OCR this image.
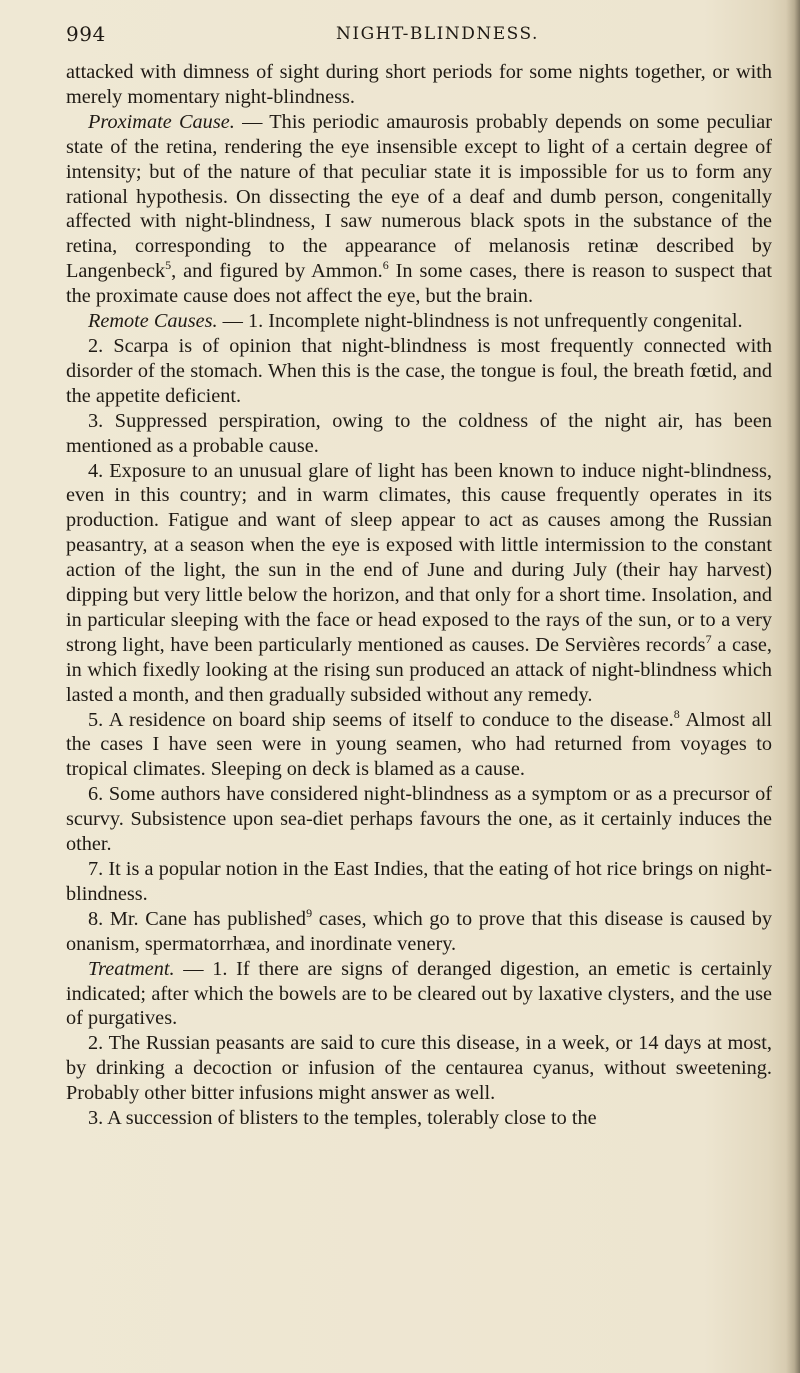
994	NIGHT-BLINDNESS.

attacked with dimness of sight during short periods for some nights together, or with merely momentary night-blindness.

Proximate Cause. — This periodic amaurosis probably depends on some peculiar state of the retina, rendering the eye insensible except to light of a certain degree of intensity; but of the nature of that peculiar state it is impossible for us to form any rational hypothesis. On dissecting the eye of a deaf and dumb person, congenitally affected with night-blindness, I saw numerous black spots in the substance of the retina, corresponding to the appearance of melanosis retinæ described by Langenbeck$^5$, and figured by Ammon.$^6$ In some cases, there is reason to suspect that the proximate cause does not affect the eye, but the brain.

Remote Causes. — 1. Incomplete night-blindness is not unfrequently congenital.

2. Scarpa is of opinion that night-blindness is most frequently connected with disorder of the stomach. When this is the case, the tongue is foul, the breath fœtid, and the appetite deficient.

3. Suppressed perspiration, owing to the coldness of the night air, has been mentioned as a probable cause.

4. Exposure to an unusual glare of light has been known to induce night-blindness, even in this country; and in warm climates, this cause frequently operates in its production. Fatigue and want of sleep appear to act as causes among the Russian peasantry, at a season when the eye is exposed with little intermission to the constant action of the light, the sun in the end of June and during July (their hay harvest) dipping but very little below the horizon, and that only for a short time. Insolation, and in particular sleeping with the face or head exposed to the rays of the sun, or to a very strong light, have been particularly mentioned as causes. De Servières records$^7$ a case, in which fixedly looking at the rising sun produced an attack of night-blindness which lasted a month, and then gradually subsided without any remedy.

5. A residence on board ship seems of itself to conduce to the disease.$^8$ Almost all the cases I have seen were in young seamen, who had returned from voyages to tropical climates. Sleeping on deck is blamed as a cause.

6. Some authors have considered night-blindness as a symptom or as a precursor of scurvy. Subsistence upon sea-diet perhaps favours the one, as it certainly induces the other.

7. It is a popular notion in the East Indies, that the eating of hot rice brings on night-blindness.

8. Mr. Cane has published$^9$ cases, which go to prove that this disease is caused by onanism, spermatorrhæa, and inordinate venery.

Treatment. — 1. If there are signs of deranged digestion, an emetic is certainly indicated; after which the bowels are to be cleared out by laxative clysters, and the use of purgatives.

2. The Russian peasants are said to cure this disease, in a week, or 14 days at most, by drinking a decoction or infusion of the centaurea cyanus, without sweetening. Probably other bitter infusions might answer as well.

3. A succession of blisters to the temples, tolerably close to the
